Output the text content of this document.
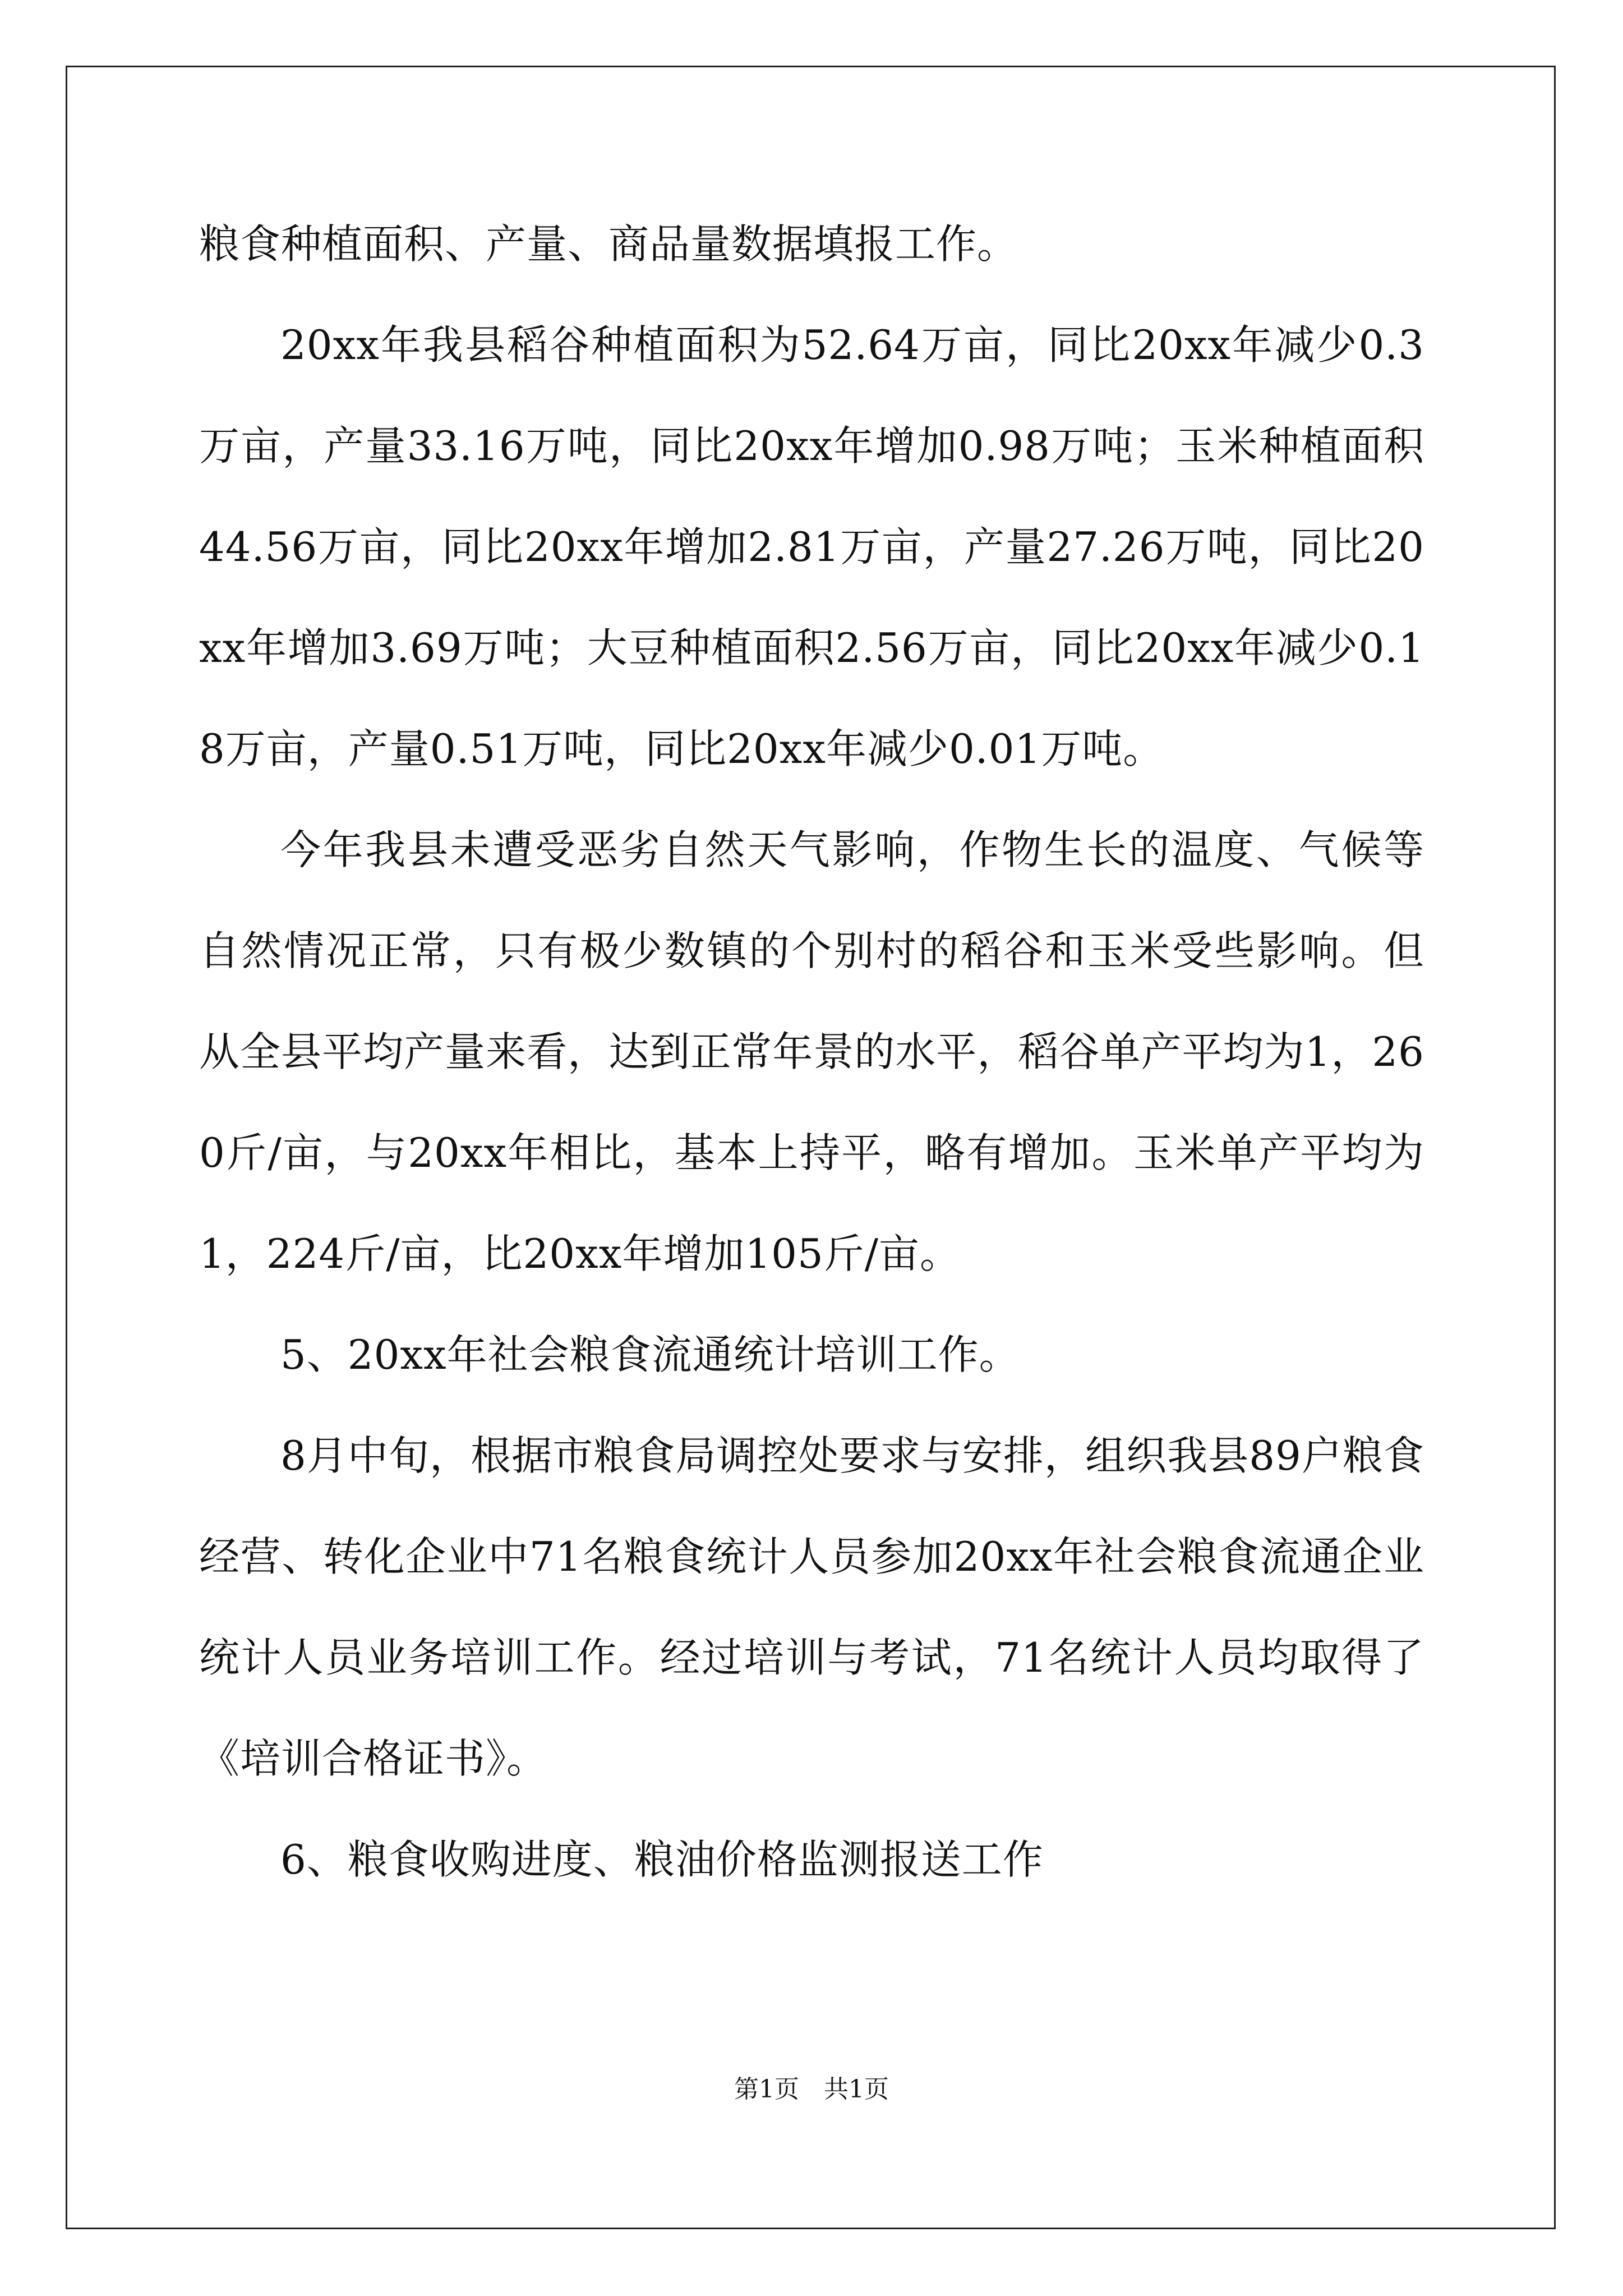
粮食种植面积、产量、商品量数据填报工作。

20xx年我县稻谷种植面积为52.64万亩，同比20xx年减少0.3万亩，产量33.16万吨，同比20xx年增加0.98万吨；玉米种植面积44.56万亩，同比20xx年增加2.81万亩，产量27.26万吨，同比20xx年增加3.69万吨；大豆种植面积2.56万亩，同比20xx年减少0.18万亩，产量0.51万吨，同比20xx年减少0.01万吨。

今年我县未遭受恶劣自然天气影响，作物生长的温度、气候等自然情况正常，只有极少数镇的个别村的稻谷和玉米受些影响。但从全县平均产量来看，达到正常年景的水平，稻谷单产平均为1，260斤/亩，与20xx年相比，基本上持平，略有增加。玉米单产平均为1，224斤/亩，比20xx年增加105斤/亩。

5、20xx年社会粮食流通统计培训工作。

8月中旬，根据市粮食局调控处要求与安排，组织我县89户粮食经营、转化企业中71名粮食统计人员参加20xx年社会粮食流通企业统计人员业务培训工作。经过培训与考试，71名统计人员均取得了《培训合格证书》。

6、粮食收购进度、粮油价格监测报送工作

第1页　共1页
